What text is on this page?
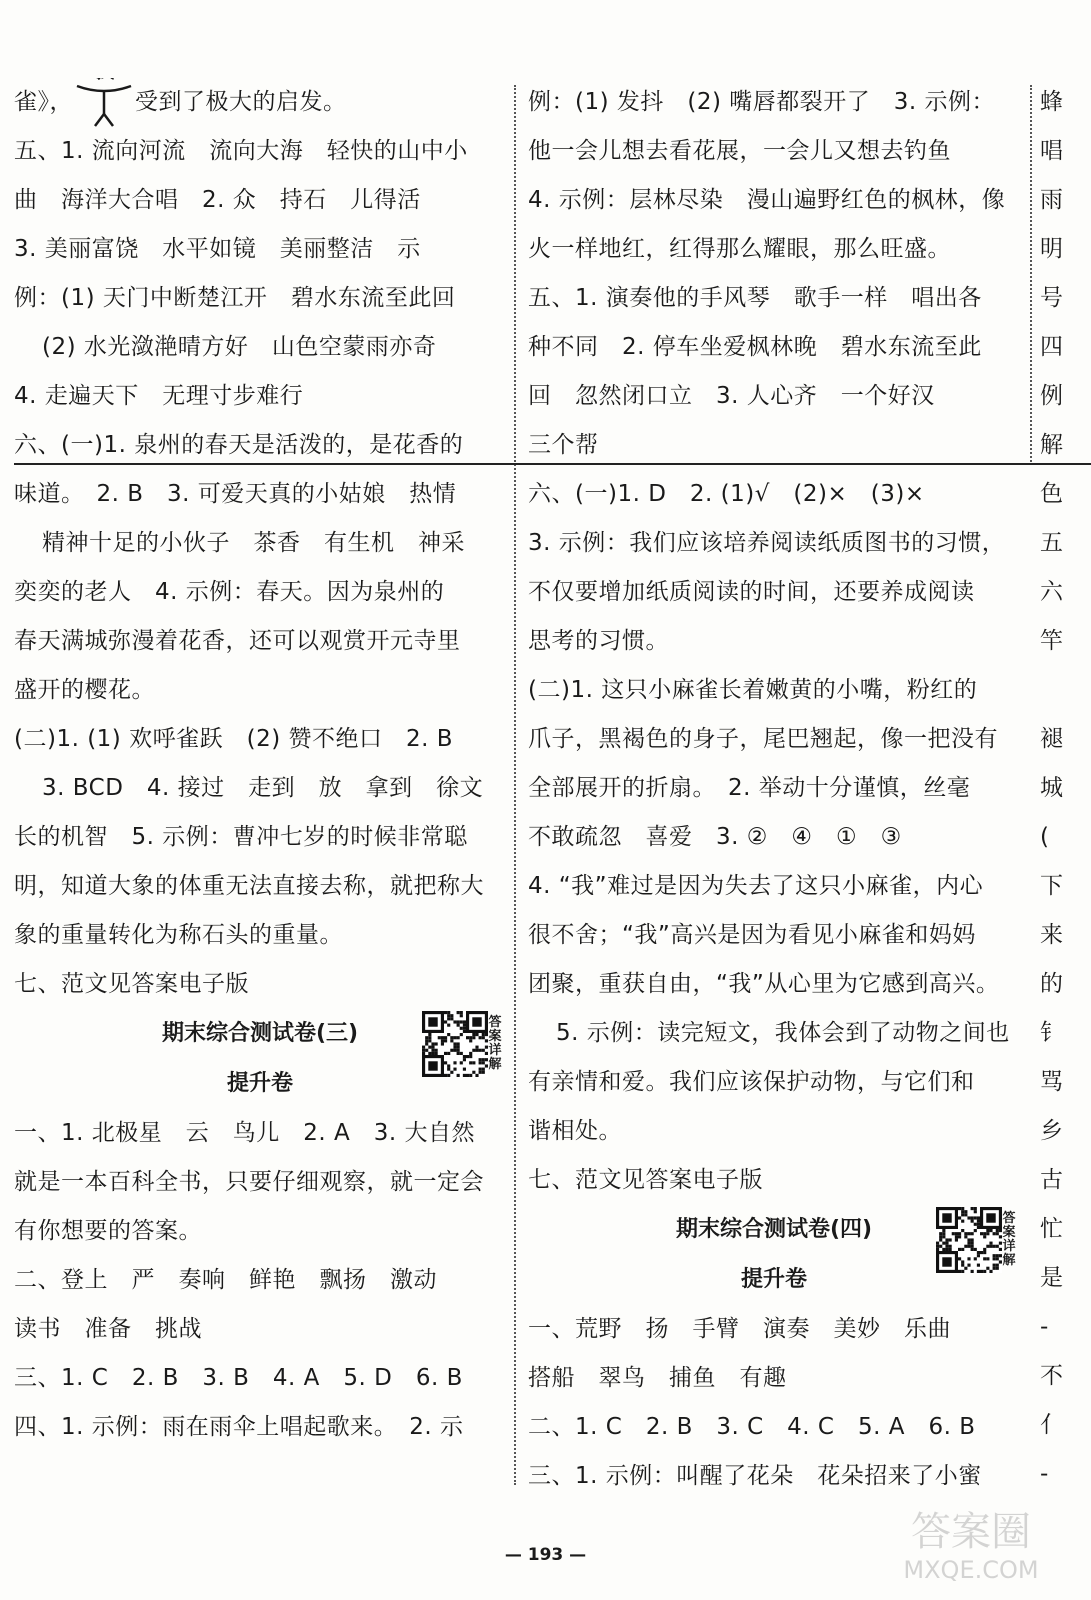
雀》，
我
受到了极大的启发。
五、1. 流向河流　流向大海　轻快的山中小
曲　海洋大合唱　2. 众　持石　儿得活
3. 美丽富饶　水平如镜　美丽整洁　示
例：(1) 天门中断楚江开　碧水东流至此回
(2) 水光潋滟晴方好　山色空蒙雨亦奇
4. 走遍天下　无理寸步难行
六、(一)1. 泉州的春天是活泼的，是花香的
味道。　2. B　3. 可爱天真的小姑娘　热情
精神十足的小伙子　茶香　有生机　神采
奕奕的老人　4. 示例：春天。因为泉州的
春天满城弥漫着花香，还可以观赏开元寺里
盛开的樱花。
(二)1. (1) 欢呼雀跃　(2) 赞不绝口　2. B
3. BCD　4. 接过　走到　放　拿到　徐文
长的机智　5. 示例：曹冲七岁的时候非常聪
明，知道大象的体重无法直接去称，就把称大
象的重量转化为称石头的重量。
七、范文见答案电子版
期末综合测试卷(三)	答案详解
提升卷
一、1. 北极星　云　鸟儿　2. A　3. 大自然
就是一本百科全书，只要仔细观察，就一定会
有你想要的答案。
二、登上　严　奏响　鲜艳　飘扬　激动
读书　准备　挑战
三、1. C　2. B　3. B　4. A　5. D　6. B
四、1. 示例：雨在雨伞上唱起歌来。　2. 示
例：(1) 发抖　(2) 嘴唇都裂开了　3. 示例：
他一会儿想去看花展，一会儿又想去钓鱼
4. 示例：层林尽染　漫山遍野红色的枫林，像
火一样地红，红得那么耀眼，那么旺盛。
五、1. 演奏他的手风琴　歌手一样　唱出各
种不同　2. 停车坐爱枫林晚　碧水东流至此
回　忽然闭口立　3. 人心齐　一个好汉
三个帮
六、(一)1. D　2. (1)√　(2)×　(3)×
3. 示例：我们应该培养阅读纸质图书的习惯，
不仅要增加纸质阅读的时间，还要养成阅读
思考的习惯。
(二)1. 这只小麻雀长着嫩黄的小嘴，粉红的
爪子，黑褐色的身子，尾巴翘起，像一把没有
全部展开的折扇。　2. 举动十分谨慎，丝毫
不敢疏忽　喜爱　3. ②　④　①　③
4. “我”难过是因为失去了这只小麻雀，内心
很不舍；“我”高兴是因为看见小麻雀和妈妈
团聚，重获自由，“我”从心里为它感到高兴。
5. 示例：读完短文，我体会到了动物之间也
有亲情和爱。我们应该保护动物，与它们和
谐相处。
七、范文见答案电子版
期末综合测试卷(四)	答案详解
提升卷
一、荒野　扬　手臂　演奏　美妙　乐曲
搭船　翠鸟　捕鱼　有趣
二、1. C　2. B　3. C　4. C　5. A　6. B
三、1. 示例：叫醒了花朵　花朵招来了小蜜
蜂
唱
雨
明
号
四
例
解
色
五
六
竿
褪
城
(
下
来
的
钅
骂
乡
古
忙
是
-
不
亻
-
— 193 —	答案圈
MXQE.COM
